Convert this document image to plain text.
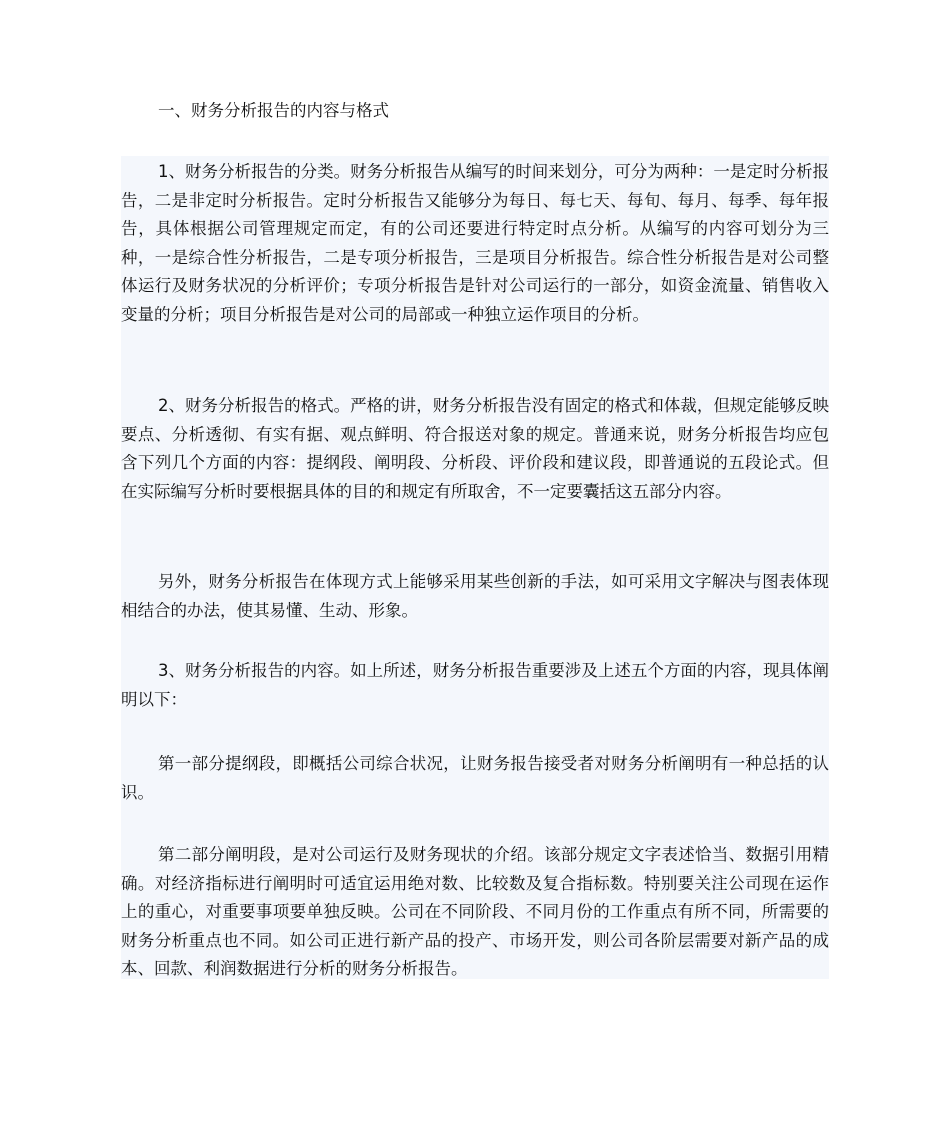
一、财务分析报告的内容与格式

1、财务分析报告的分类。财务分析报告从编写的时间来划分，可分为两种：一是定时分析报告，二是非定时分析报告。定时分析报告又能够分为每日、每七天、每旬、每月、每季、每年报告，具体根据公司管理规定而定，有的公司还要进行特定时点分析。从编写的内容可划分为三种，一是综合性分析报告，二是专项分析报告，三是项目分析报告。综合性分析报告是对公司整体运行及财务状况的分析评价；专项分析报告是针对公司运行的一部分，如资金流量、销售收入变量的分析；项目分析报告是对公司的局部或一种独立运作项目的分析。

2、财务分析报告的格式。严格的讲，财务分析报告没有固定的格式和体裁，但规定能够反映要点、分析透彻、有实有据、观点鲜明、符合报送对象的规定。普通来说，财务分析报告均应包含下列几个方面的内容：提纲段、阐明段、分析段、评价段和建议段，即普通说的五段论式。但在实际编写分析时要根据具体的目的和规定有所取舍，不一定要囊括这五部分内容。

另外，财务分析报告在体现方式上能够采用某些创新的手法，如可采用文字解决与图表体现相结合的办法，使其易懂、生动、形象。

3、财务分析报告的内容。如上所述，财务分析报告重要涉及上述五个方面的内容，现具体阐明以下：

第一部分提纲段，即概括公司综合状况，让财务报告接受者对财务分析阐明有一种总括的认识。

第二部分阐明段，是对公司运行及财务现状的介绍。该部分规定文字表述恰当、数据引用精确。对经济指标进行阐明时可适宜运用绝对数、比较数及复合指标数。特别要关注公司现在运作上的重心，对重要事项要单独反映。公司在不同阶段、不同月份的工作重点有所不同，所需要的财务分析重点也不同。如公司正进行新产品的投产、市场开发，则公司各阶层需要对新产品的成本、回款、利润数据进行分析的财务分析报告。
